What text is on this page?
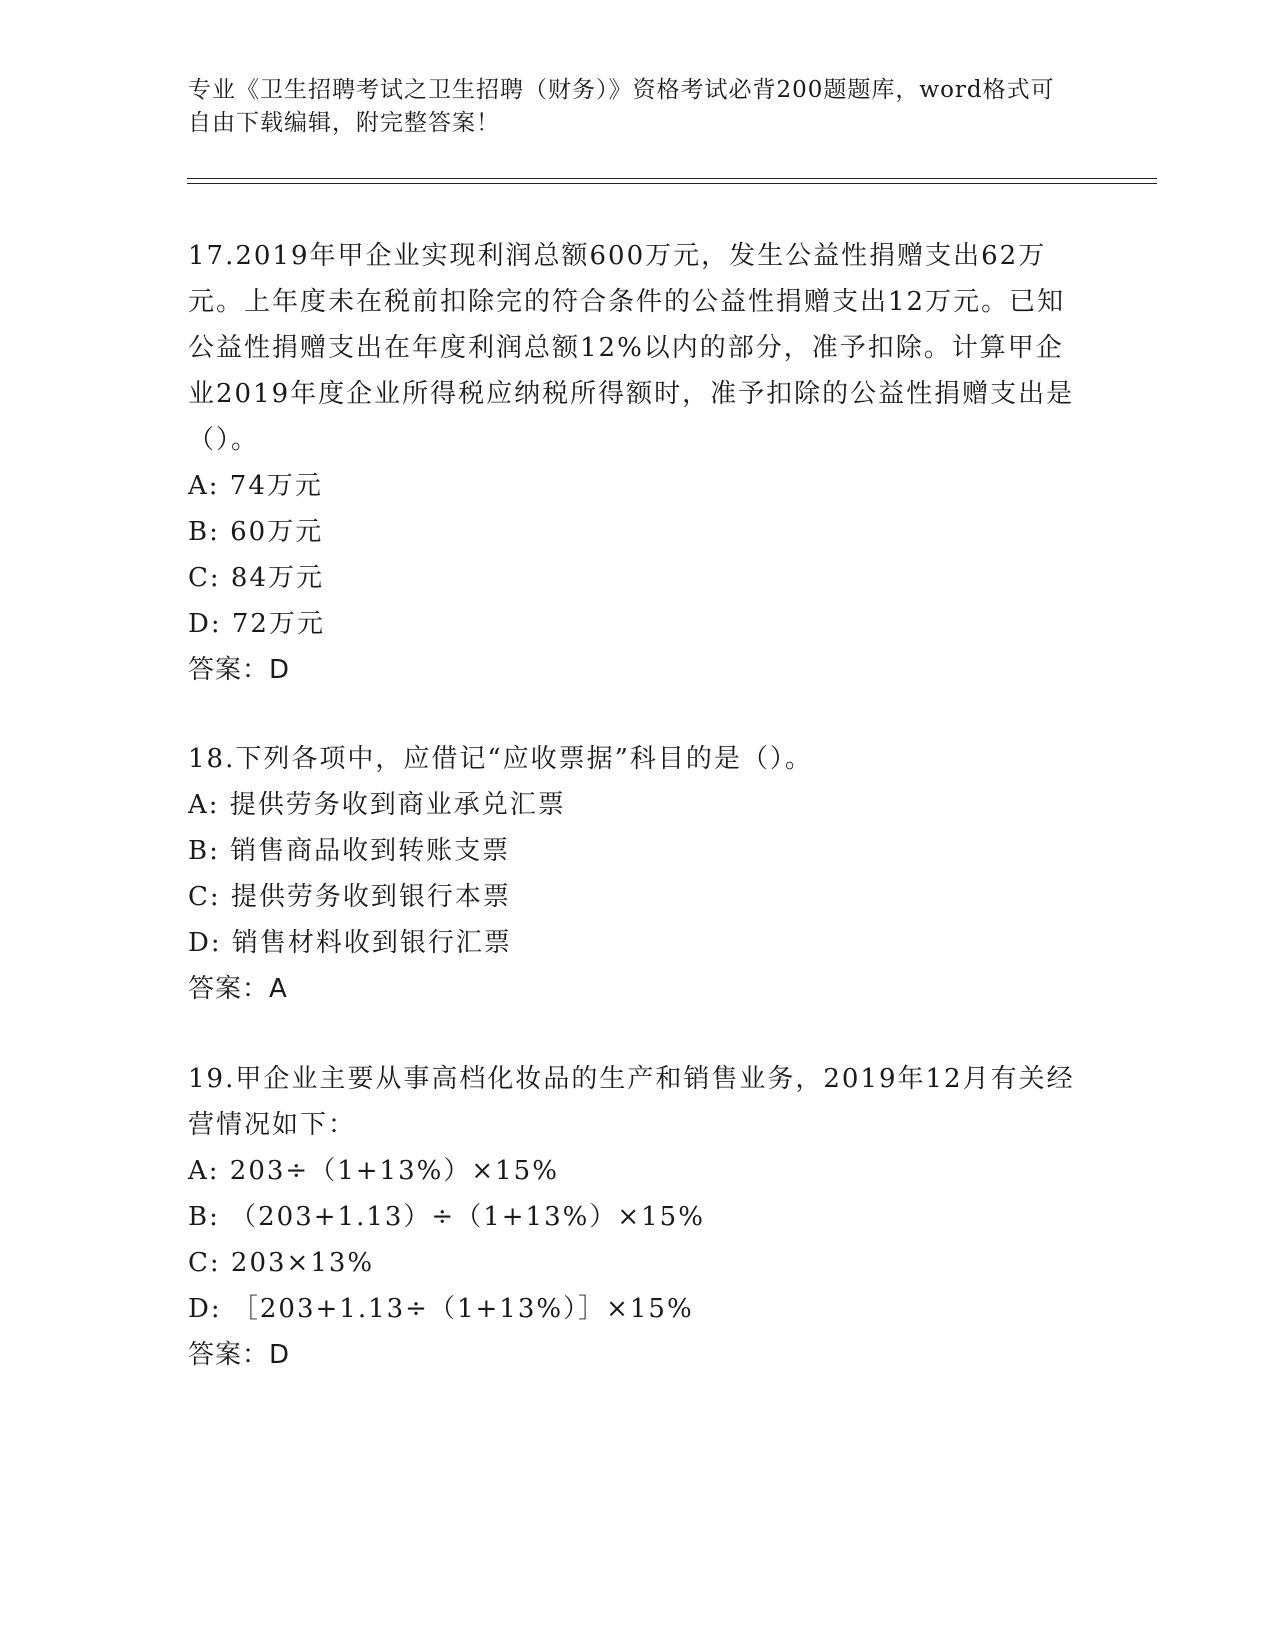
专业《卫生招聘考试之卫生招聘（财务）》资格考试必背200题题库，word格式可自由下载编辑，附完整答案！

17.2019年甲企业实现利润总额600万元，发生公益性捐赠支出62万元。上年度未在税前扣除完的符合条件的公益性捐赠支出12万元。已知公益性捐赠支出在年度利润总额12%以内的部分，准予扣除。计算甲企业2019年度企业所得税应纳税所得额时，准予扣除的公益性捐赠支出是（）。

A: 74万元

B: 60万元

C: 84万元

D: 72万元

答案：D

18.下列各项中，应借记“应收票据”科目的是（）。

A: 提供劳务收到商业承兑汇票

B: 销售商品收到转账支票

C: 提供劳务收到银行本票

D: 销售材料收到银行汇票

答案：A

19.甲企业主要从事高档化妆品的生产和销售业务，2019年12月有关经营情况如下：

A: 203÷（1+13%）×15%

B: （203+1.13）÷（1+13%）×15%

C: 203×13%

D: ［203+1.13÷（1+13%）］×15%

答案：D
